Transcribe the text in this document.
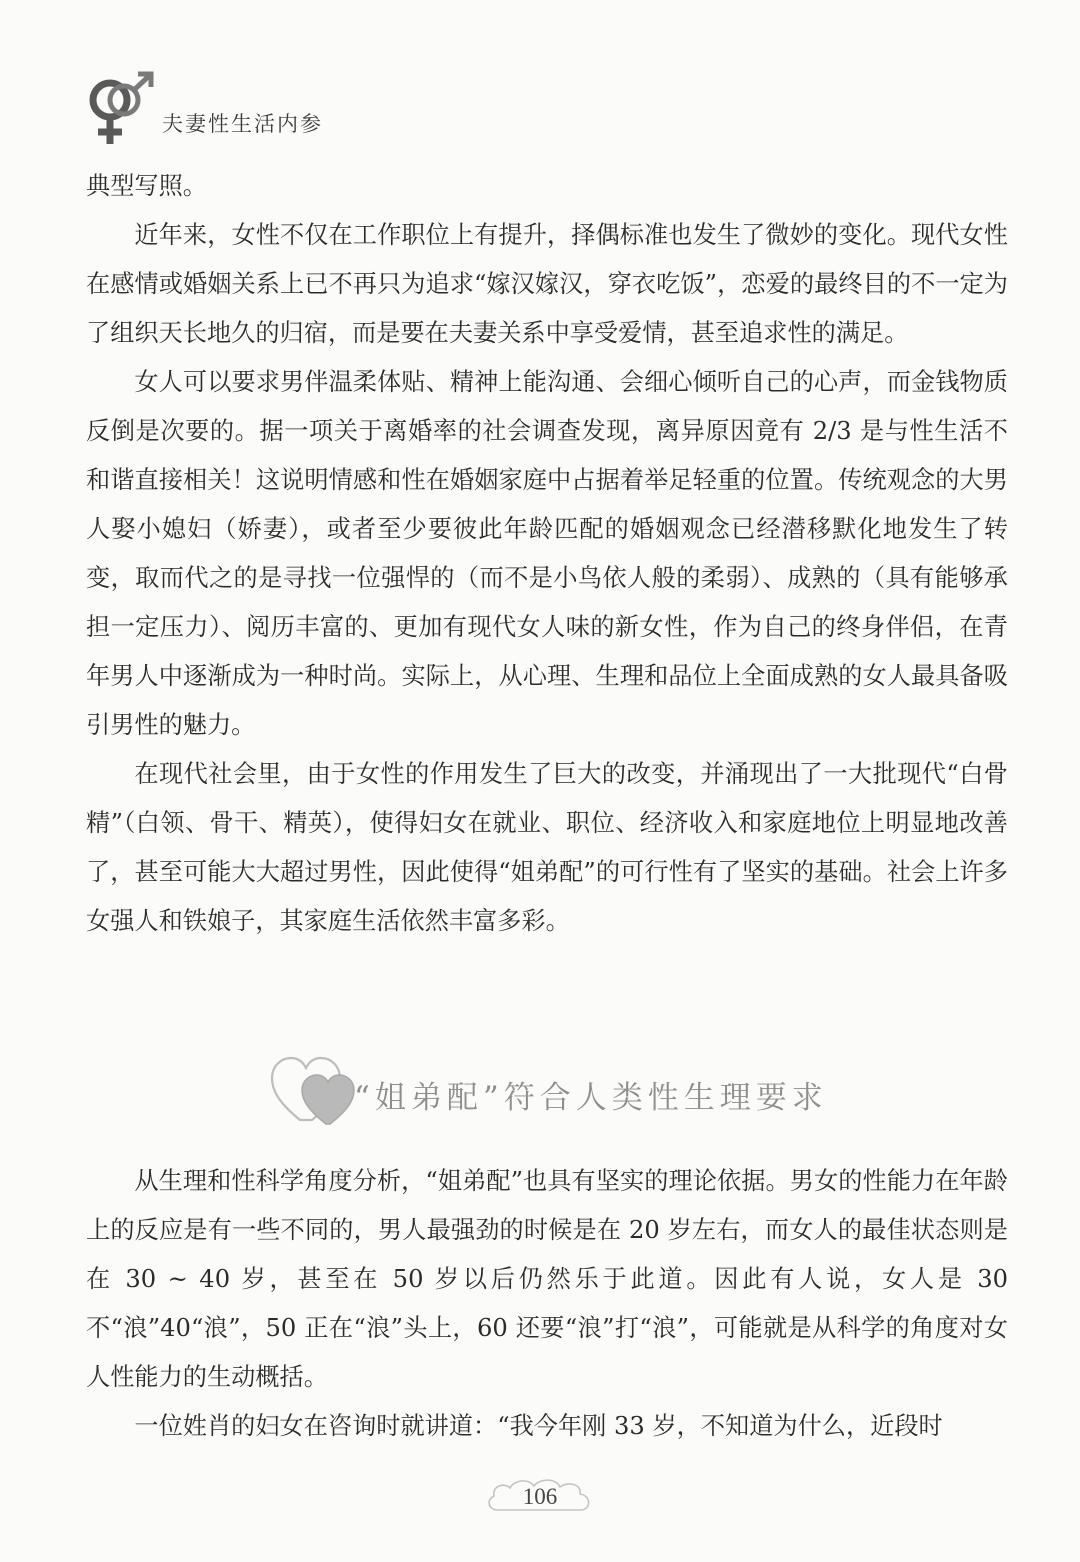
夫妻性生活内参

典型写照。

近年来，女性不仅在工作职位上有提升，择偶标准也发生了微妙的变化。现代女性在感情或婚姻关系上已不再只为追求“嫁汉嫁汉，穿衣吃饭”，恋爱的最终目的不一定为了组织天长地久的归宿，而是要在夫妻关系中享受爱情，甚至追求性的满足。

女人可以要求男伴温柔体贴、精神上能沟通、会细心倾听自己的心声，而金钱物质反倒是次要的。据一项关于离婚率的社会调查发现，离异原因竟有 2/3 是与性生活不和谐直接相关！这说明情感和性在婚姻家庭中占据着举足轻重的位置。传统观念的大男人娶小媳妇（娇妻），或者至少要彼此年龄匹配的婚姻观念已经潜移默化地发生了转变，取而代之的是寻找一位强悍的（而不是小鸟依人般的柔弱）、成熟的（具有能够承担一定压力）、阅历丰富的、更加有现代女人味的新女性，作为自己的终身伴侣，在青年男人中逐渐成为一种时尚。实际上，从心理、生理和品位上全面成熟的女人最具备吸引男性的魅力。

在现代社会里，由于女性的作用发生了巨大的改变，并涌现出了一大批现代“白骨精”（白领、骨干、精英），使得妇女在就业、职位、经济收入和家庭地位上明显地改善了，甚至可能大大超过男性，因此使得“姐弟配”的可行性有了坚实的基础。社会上许多女强人和铁娘子，其家庭生活依然丰富多彩。

“姐弟配”符合人类性生理要求

从生理和性科学角度分析，“姐弟配”也具有坚实的理论依据。男女的性能力在年龄上的反应是有一些不同的，男人最强劲的时候是在 20 岁左右，而女人的最佳状态则是在 30 ~ 40 岁，甚至在 50 岁以后仍然乐于此道。因此有人说，女人是 30 不“浪”40“浪”，50 正在“浪”头上，60 还要“浪”打“浪”，可能就是从科学的角度对女人性能力的生动概括。

一位姓肖的妇女在咨询时就讲道：“我今年刚 33 岁，不知道为什么，近段时

106
